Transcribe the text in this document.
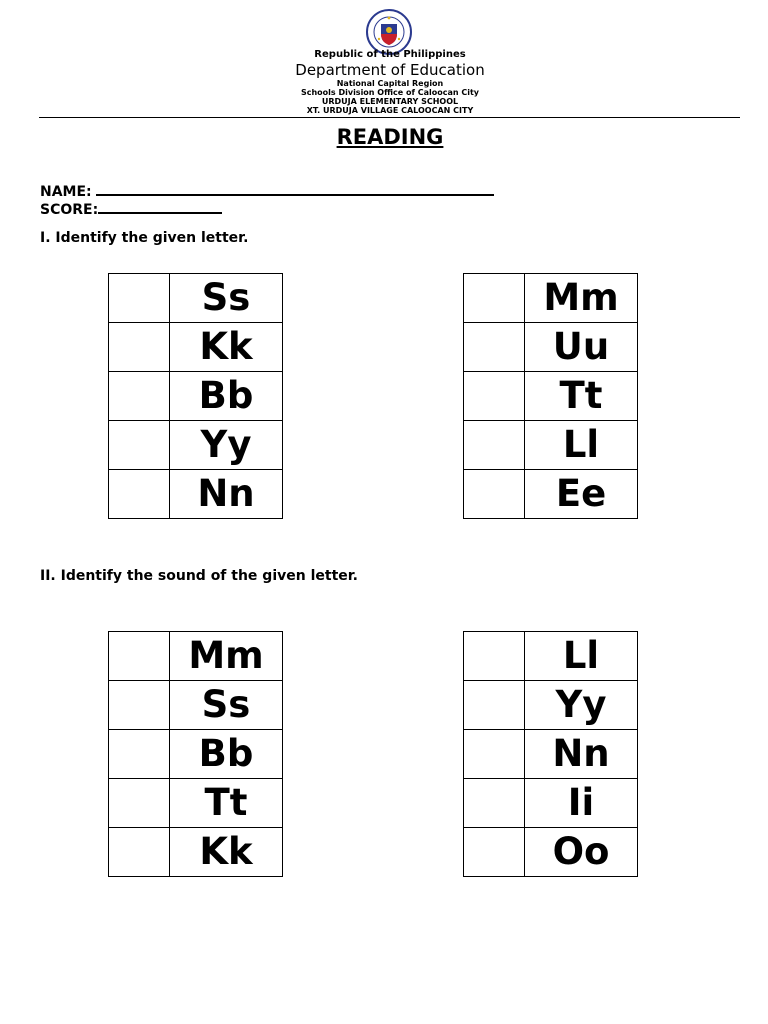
Republic of the Philippines
Department of Education
National Capital Region
Schools Division Office of Caloocan City
URDUJA ELEMENTARY SCHOOL
XT. URDUJA VILLAGE CALOOCAN CITY
READING
NAME:
SCORE:
I. Identify the given letter.
	Ss
	Kk
	Bb
	Yy
	Nn
	Mm
	Uu
	Tt
	Ll
	Ee
II. Identify the sound of the given letter.
	Mm
	Ss
	Bb
	Tt
	Kk
	Ll
	Yy
	Nn
	Ii
	Oo
